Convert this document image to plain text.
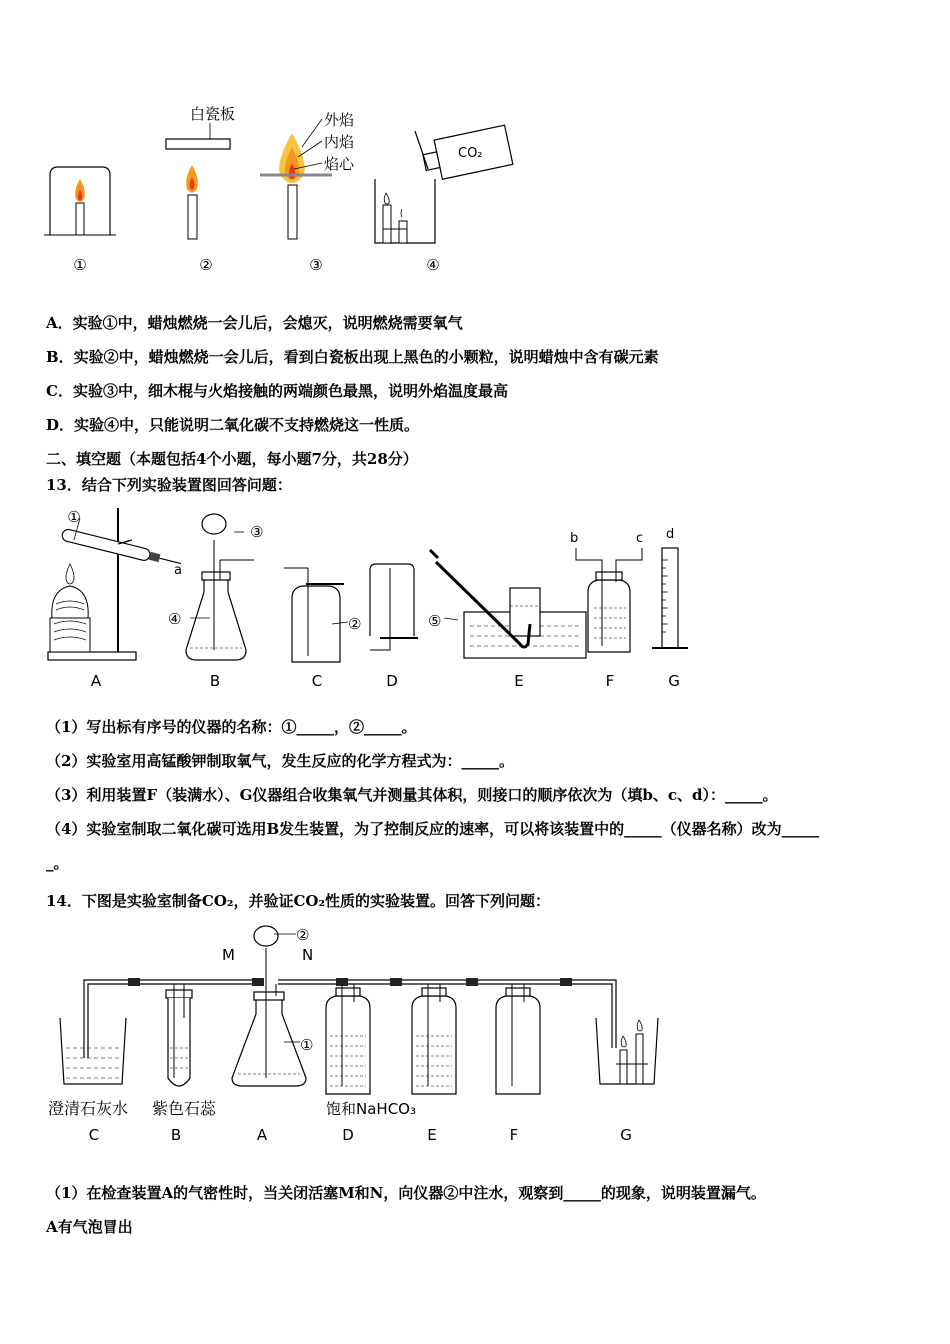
白瓷板	外焰
内焰
焰心
CO₂
①	②	③	④
A．实验①中，蜡烛燃烧一会儿后，会熄灭，说明燃烧需要氧气
B．实验②中，蜡烛燃烧一会儿后，看到白瓷板出现上黑色的小颗粒，说明蜡烛中含有碳元素
C．实验③中，细木棍与火焰接触的两端颜色最黑，说明外焰温度最高
D．实验④中，只能说明二氧化碳不支持燃烧这一性质。
二、填空题（本题包括4个小题，每小题7分，共28分）
13．结合下列实验装置图回答问题：
①
③
④	②	⑤
a
b	c d
A	B	C	D	E	F	G
（1）写出标有序号的仪器的名称：①_____，②_____。
（2）实验室用高锰酸钾制取氧气，发生反应的化学方程式为：_____。
（3）利用装置F（装满水）、G仪器组合收集氧气并测量其体积，则接口的顺序依次为（填b、c、d）：_____。
（4）实验室制取二氧化碳可选用B发生装置，为了控制反应的速率，可以将该装置中的_____（仪器名称）改为_____
_。
14．下图是实验室制备CO₂，并验证CO₂性质的实验装置。回答下列问题：
M	N
②
①
澄清石灰水 紫色石蕊	饱和NaHCO₃
C	B	A	D	E	F	G
（1）在检查装置A的气密性时，当关闭活塞M和N，向仪器②中注水，观察到_____的现象，说明装置漏气。
A有气泡冒出
